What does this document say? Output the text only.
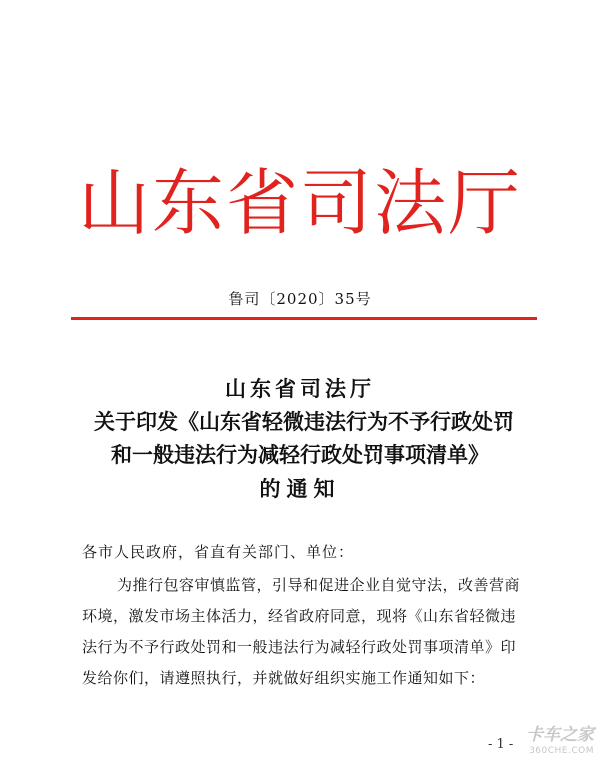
山东省司法厅
鲁司〔2020〕35号
山东省司法厅
关于印发《山东省轻微违法行为不予行政处罚
和一般违法行为减轻行政处罚事项清单》
的通知
各市人民政府，省直有关部门、单位：
为推行包容审慎监管，引导和促进企业自觉守法，改善营商
环境，激发市场主体活力，经省政府同意，现将《山东省轻微违
法行为不予行政处罚和一般违法行为减轻行政处罚事项清单》印
发给你们，请遵照执行，并就做好组织实施工作通知如下：
- 1 - 卡车之家
360CHE.COM
